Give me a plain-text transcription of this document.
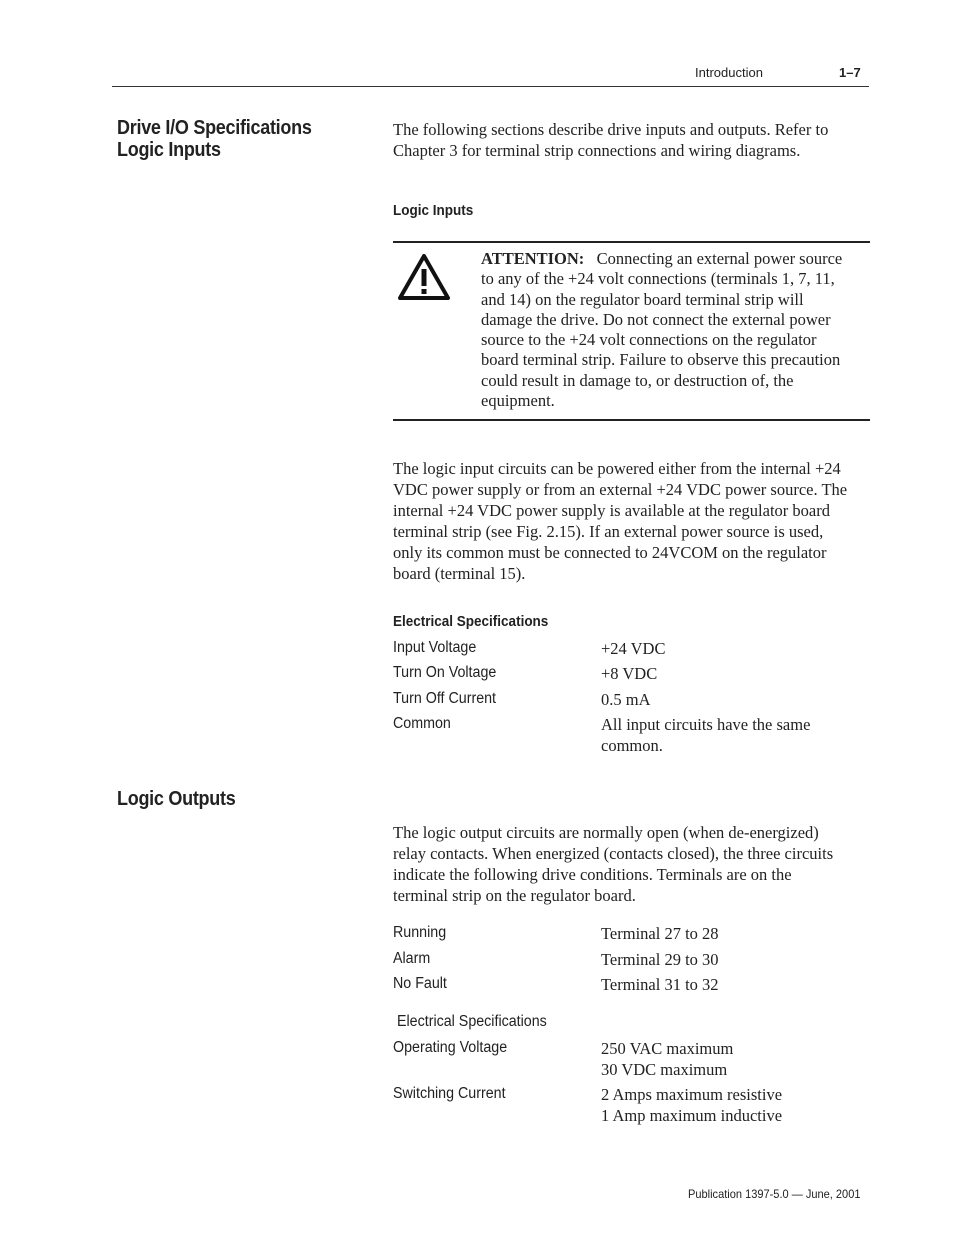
Introduction	1–7
Drive I/O Specifications
Logic Inputs
The following sections describe drive inputs and outputs. Refer to
Chapter 3 for terminal strip connections and wiring diagrams.
Logic Inputs
ATTENTION: Connecting an external power source
to any of the +24 volt connections (terminals 1, 7, 11,
and 14) on the regulator board terminal strip will
damage the drive. Do not connect the external power
source to the +24 volt connections on the regulator
board terminal strip. Failure to observe this precaution
could result in damage to, or destruction of, the
equipment.
The logic input circuits can be powered either from the internal +24
VDC power supply or from an external +24 VDC power source. The
internal +24 VDC power supply is available at the regulator board
terminal strip (see Fig. 2.15). If an external power source is used,
only its common must be connected to 24VCOM on the regulator
board (terminal 15).
Electrical Specifications
Input Voltage	+24 VDC
Turn On Voltage	+8 VDC
Turn Off Current	0.5 mA
Common	All input circuits have the same
common.
Logic Outputs
The logic output circuits are normally open (when de-energized)
relay contacts. When energized (contacts closed), the three circuits
indicate the following drive conditions. Terminals are on the
terminal strip on the regulator board.
Running	Terminal 27 to 28
Alarm	Terminal 29 to 30
No Fault	Terminal 31 to 32
Electrical Specifications
Operating Voltage	250 VAC maximum
30 VDC maximum
Switching Current	2 Amps maximum resistive
1 Amp maximum inductive
Publication 1397-5.0 — June, 2001
